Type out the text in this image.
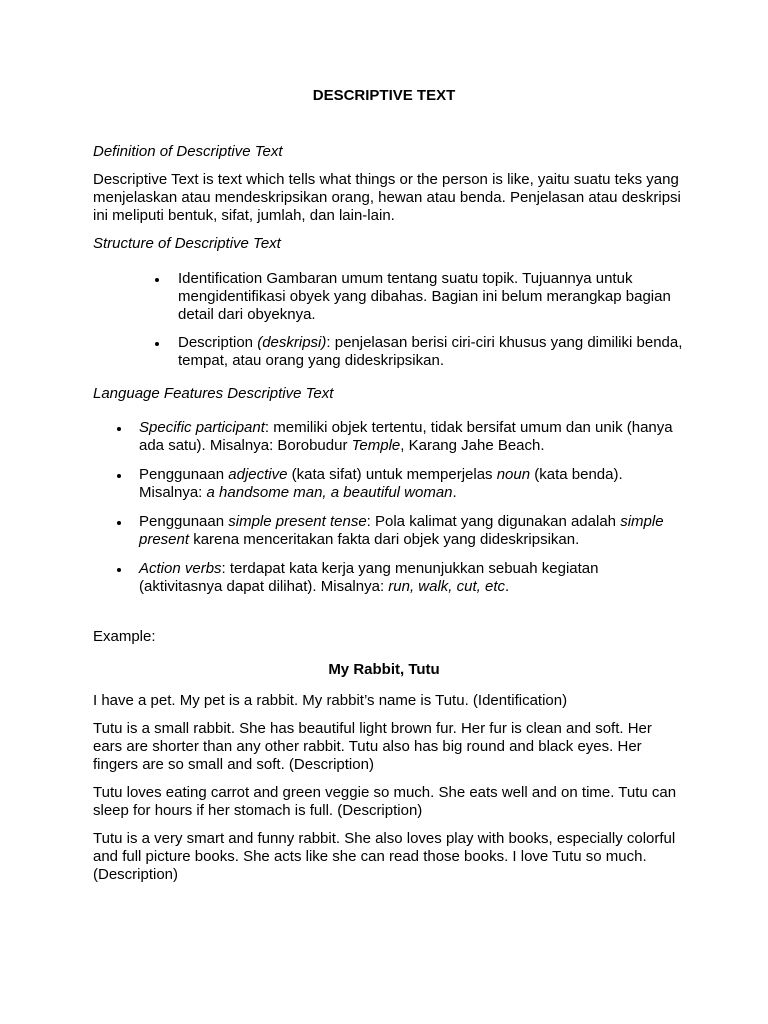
DESCRIPTIVE TEXT
Definition of Descriptive Text
Descriptive Text is text which tells what things or the person is like, yaitu suatu teks yang menjelaskan atau mendeskripsikan orang, hewan atau benda. Penjelasan atau deskripsi ini meliputi bentuk, sifat, jumlah, dan lain-lain.
Structure of Descriptive Text
Identification Gambaran umum tentang suatu topik. Tujuannya untuk mengidentifikasi obyek yang dibahas. Bagian ini belum merangkap bagian detail dari obyeknya.
Description (deskripsi): penjelasan berisi ciri-ciri khusus yang dimiliki benda, tempat, atau orang yang dideskripsikan.
Language Features Descriptive Text
Specific participant: memiliki objek tertentu, tidak bersifat umum dan unik (hanya ada satu). Misalnya: Borobudur Temple, Karang Jahe Beach.
Penggunaan adjective (kata sifat) untuk memperjelas noun (kata benda). Misalnya: a handsome man, a beautiful woman.
Penggunaan simple present tense: Pola kalimat yang digunakan adalah simple present karena menceritakan fakta dari objek yang dideskripsikan.
Action verbs: terdapat kata kerja yang menunjukkan sebuah kegiatan (aktivitasnya dapat dilihat). Misalnya: run, walk, cut, etc.
Example:
My Rabbit, Tutu
I have a pet. My pet is a rabbit. My rabbit’s name is Tutu. (Identification)
Tutu is a small rabbit. She has beautiful light brown fur. Her fur is clean and soft. Her ears are shorter than any other rabbit. Tutu also has big round and black eyes. Her fingers are so small and soft. (Description)
Tutu loves eating carrot and green veggie so much. She eats well and on time. Tutu can sleep for hours if her stomach is full. (Description)
Tutu is a very smart and funny rabbit. She also loves play with books, especially colorful and full picture books. She acts like she can read those books. I love Tutu so much. (Description)
